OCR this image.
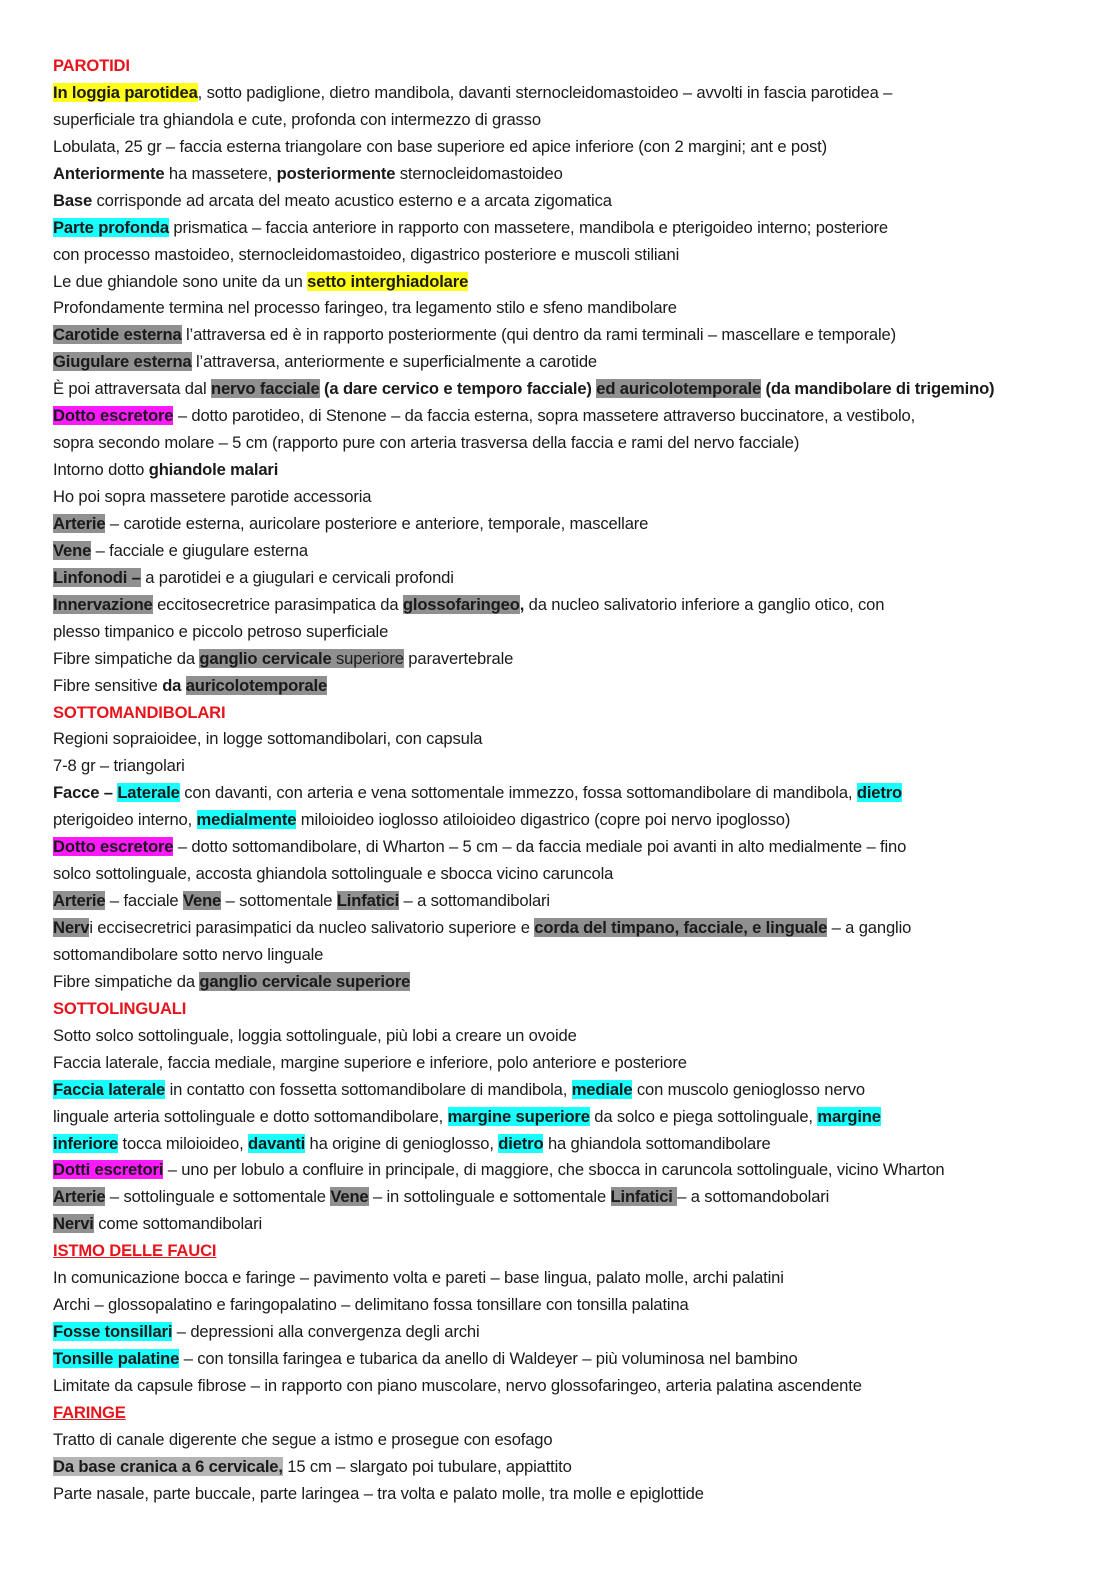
PAROTIDI
In loggia parotidea, sotto padiglione, dietro mandibola, davanti sternocleidomastoideo – avvolti in fascia parotidea –
superficiale tra ghiandola e cute, profonda con intermezzo di grasso
Lobulata, 25 gr – faccia esterna triangolare con base superiore ed apice inferiore (con 2 margini; ant e post)
Anteriormente ha massetere, posteriormente sternocleidomastoideo
Base corrisponde ad arcata del meato acustico esterno e a arcata zigomatica
Parte profonda prismatica – faccia anteriore in rapporto con massetere, mandibola e pterigoideo interno; posteriore
con processo mastoideo, sternocleidomastoideo, digastrico posteriore e muscoli stiliani
Le due ghiandole sono unite da un setto interghiadolare
Profondamente termina nel processo faringeo, tra legamento stilo e sfeno mandibolare
Carotide esterna l’attraversa ed è in rapporto posteriormente (qui dentro da rami terminali – mascellare e temporale)
Giugulare esterna l’attraversa, anteriormente e superficialmente a carotide
È poi attraversata dal nervo facciale (a dare cervico e temporo facciale) ed auricolotemporale (da mandibolare di trigemino)
Dotto escretore – dotto parotideo, di Stenone – da faccia esterna, sopra massetere attraverso buccinatore, a vestibolo,
sopra secondo molare – 5 cm (rapporto pure con arteria trasversa della faccia e rami del nervo facciale)
Intorno dotto ghiandole malari
Ho poi sopra massetere parotide accessoria
Arterie – carotide esterna, auricolare posteriore e anteriore, temporale, mascellare
Vene – facciale e giugulare esterna
Linfonodi – a parotidei e a giugulari e cervicali profondi
Innervazione eccitosecretrice parasimpatica da glossofaringeo, da nucleo salivatorio inferiore a ganglio otico, con
plesso timpanico e piccolo petroso superficiale
Fibre simpatiche da ganglio cervicale superiore paravertebrale
Fibre sensitive da auricolotemporale
SOTTOMANDIBOLARI
Regioni sopraioidee, in logge sottomandibolari, con capsula
7-8 gr – triangolari
Facce – Laterale con davanti, con arteria e vena sottomentale immezzo, fossa sottomandibolare di mandibola, dietro
pterigoideo interno, medialmente miloioideo ioglosso atiloioideo digastrico (copre poi nervo ipoglosso)
Dotto escretore – dotto sottomandibolare, di Wharton – 5 cm – da faccia mediale poi avanti in alto medialmente – fino
solco sottolinguale, accosta ghiandola sottolinguale e sbocca vicino caruncola
Arterie – facciale Vene – sottomentale Linfatici – a sottomandibolari
Nervi eccisecretrici parasimpatici da nucleo salivatorio superiore e corda del timpano, facciale, e linguale – a ganglio
sottomandibolare sotto nervo linguale
Fibre simpatiche da ganglio cervicale superiore
SOTTOLINGUALI
Sotto solco sottolinguale, loggia sottolinguale, più lobi a creare un ovoide
Faccia laterale, faccia mediale, margine superiore e inferiore, polo anteriore e posteriore
Faccia laterale in contatto con fossetta sottomandibolare di mandibola, mediale con muscolo genioglosso nervo
linguale arteria sottolinguale e dotto sottomandibolare, margine superiore da solco e piega sottolinguale, margine
inferiore tocca miloioideo, davanti ha origine di genioglosso, dietro ha ghiandola sottomandibolare
Dotti escretori – uno per lobulo a confluire in principale, di maggiore, che sbocca in caruncola sottolinguale, vicino Wharton
Arterie – sottolinguale e sottomentale Vene – in sottolinguale e sottomentale Linfatici – a sottomandobolari
Nervi come sottomandibolari
ISTMO DELLE FAUCI
In comunicazione bocca e faringe – pavimento volta e pareti – base lingua, palato molle, archi palatini
Archi – glossopalatino e faringopalatino – delimitano fossa tonsillare con tonsilla palatina
Fosse tonsillari – depressioni alla convergenza degli archi
Tonsille palatine – con tonsilla faringea e tubarica da anello di Waldeyer – più voluminosa nel bambino
Limitate da capsule fibrose – in rapporto con piano muscolare, nervo glossofaringeo, arteria palatina ascendente
FARINGE
Tratto di canale digerente che segue a istmo e prosegue con esofago
Da base cranica a 6 cervicale, 15 cm – slargato poi tubulare, appiattito
Parte nasale, parte buccale, parte laringea – tra volta e palato molle, tra molle e epiglottide
